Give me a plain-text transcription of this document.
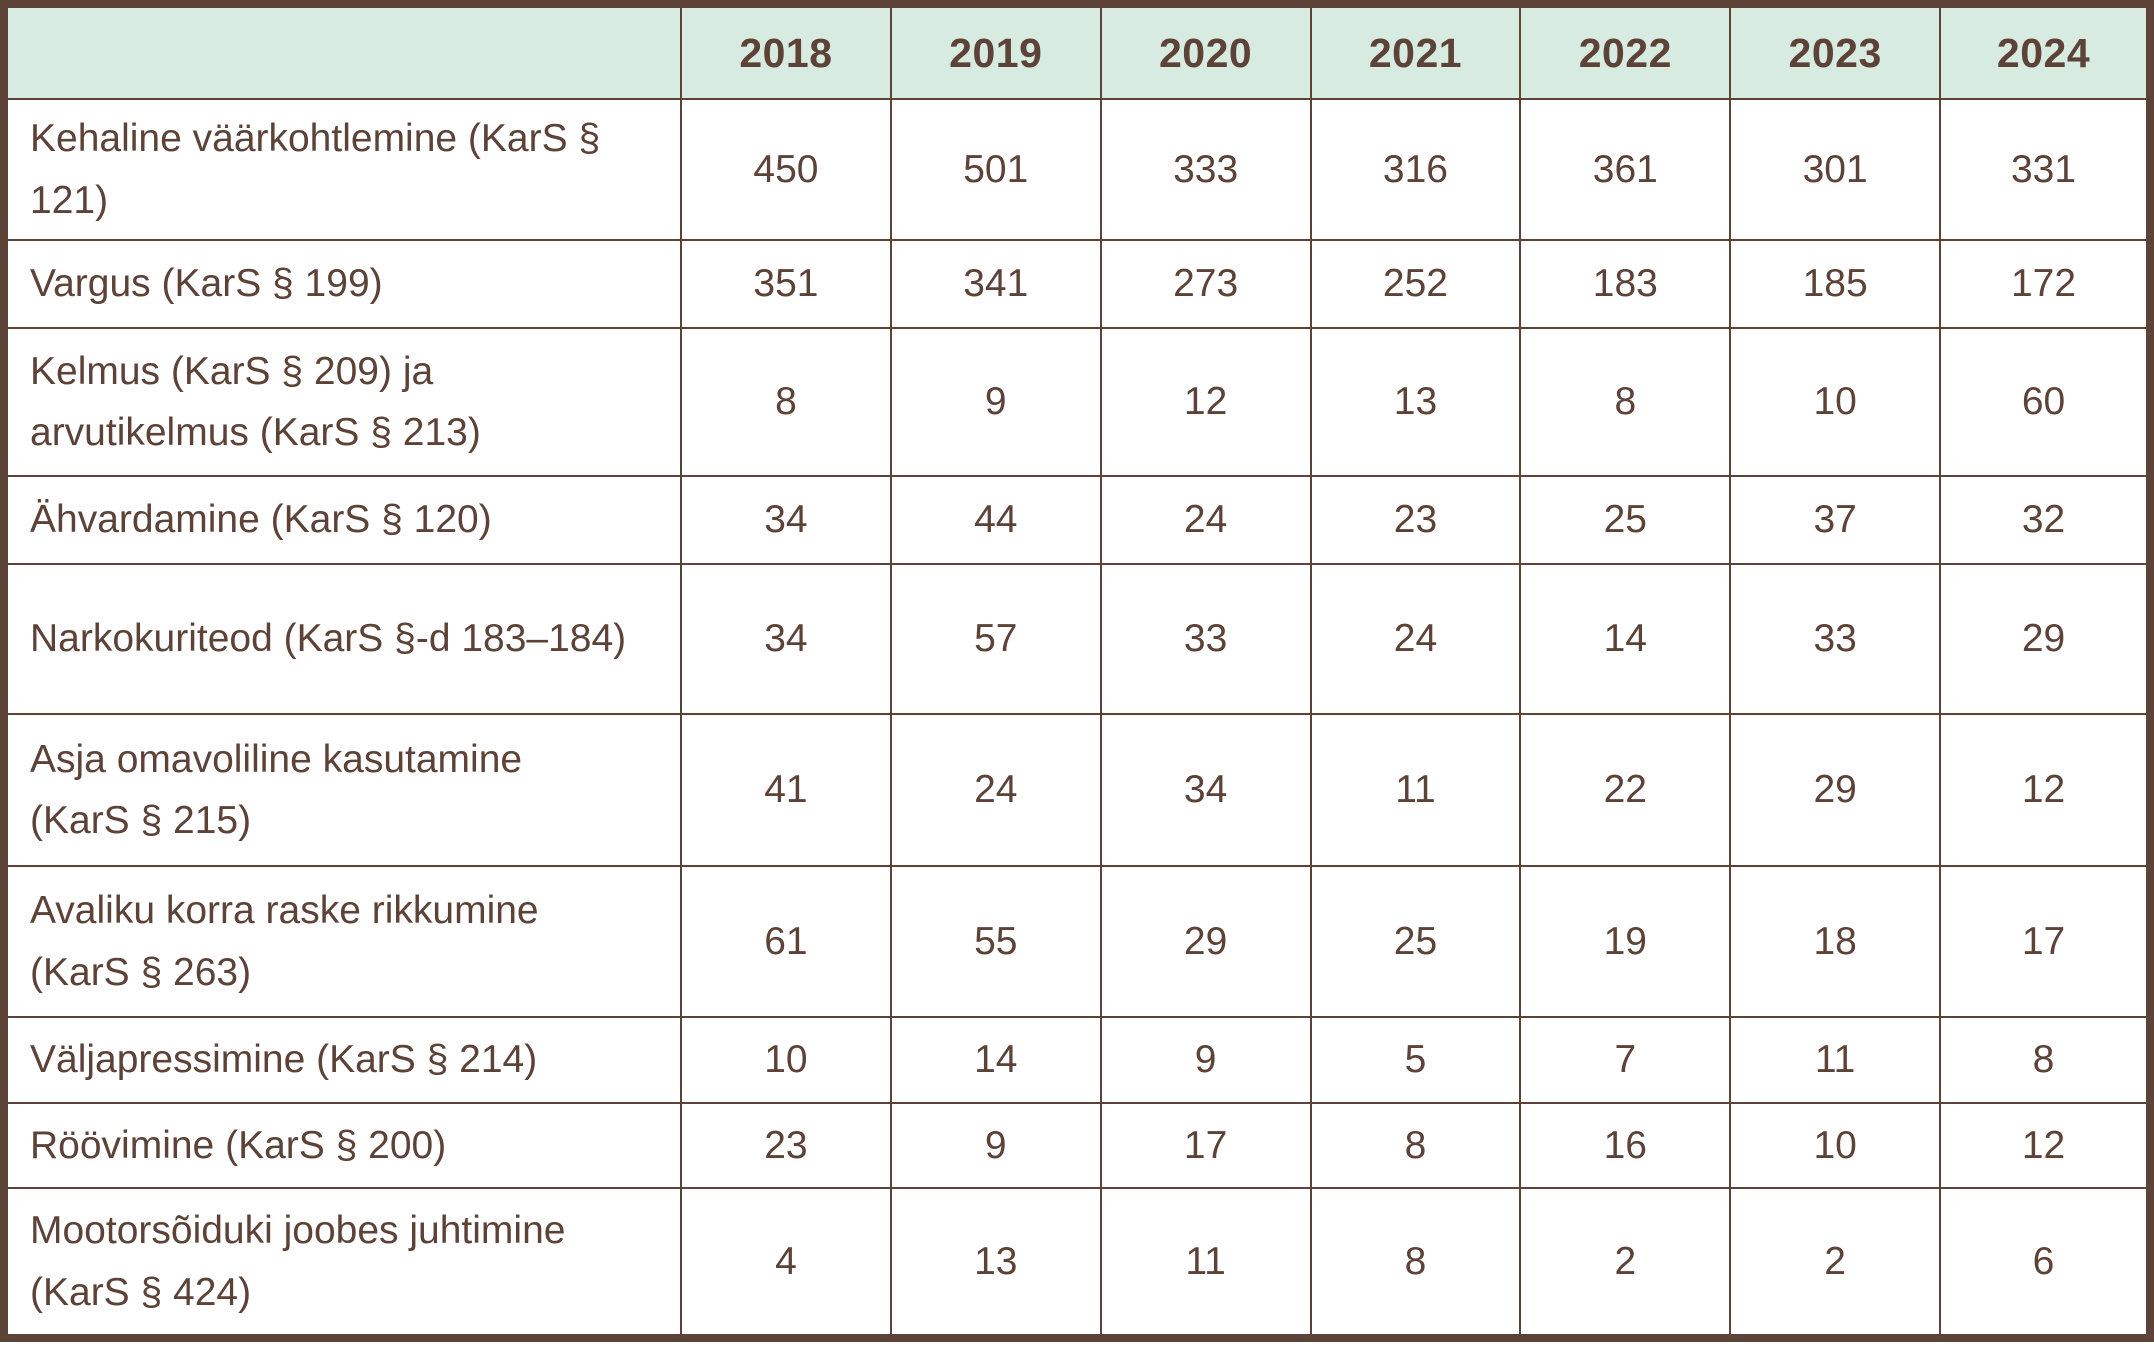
	2018	2019	2020	2021	2022	2023	2024
Kehaline väärkohtlemine (KarS § 121)	450	501	333	316	361	301	331
Vargus (KarS § 199)	351	341	273	252	183	185	172
Kelmus (KarS § 209) ja arvutikelmus (KarS § 213)	8	9	12	13	8	10	60
Ähvardamine (KarS § 120)	34	44	24	23	25	37	32
Narkokuriteod (KarS §-d 183–184)	34	57	33	24	14	33	29
Asja omavoliline kasutamine (KarS § 215)	41	24	34	11	22	29	12
Avaliku korra raske rikkumine (KarS § 263)	61	55	29	25	19	18	17
Väljapressimine (KarS § 214)	10	14	9	5	7	11	8
Röövimine (KarS § 200)	23	9	17	8	16	10	12
Mootorsõiduki joobes juhtimine (KarS § 424)	4	13	11	8	2	2	6
